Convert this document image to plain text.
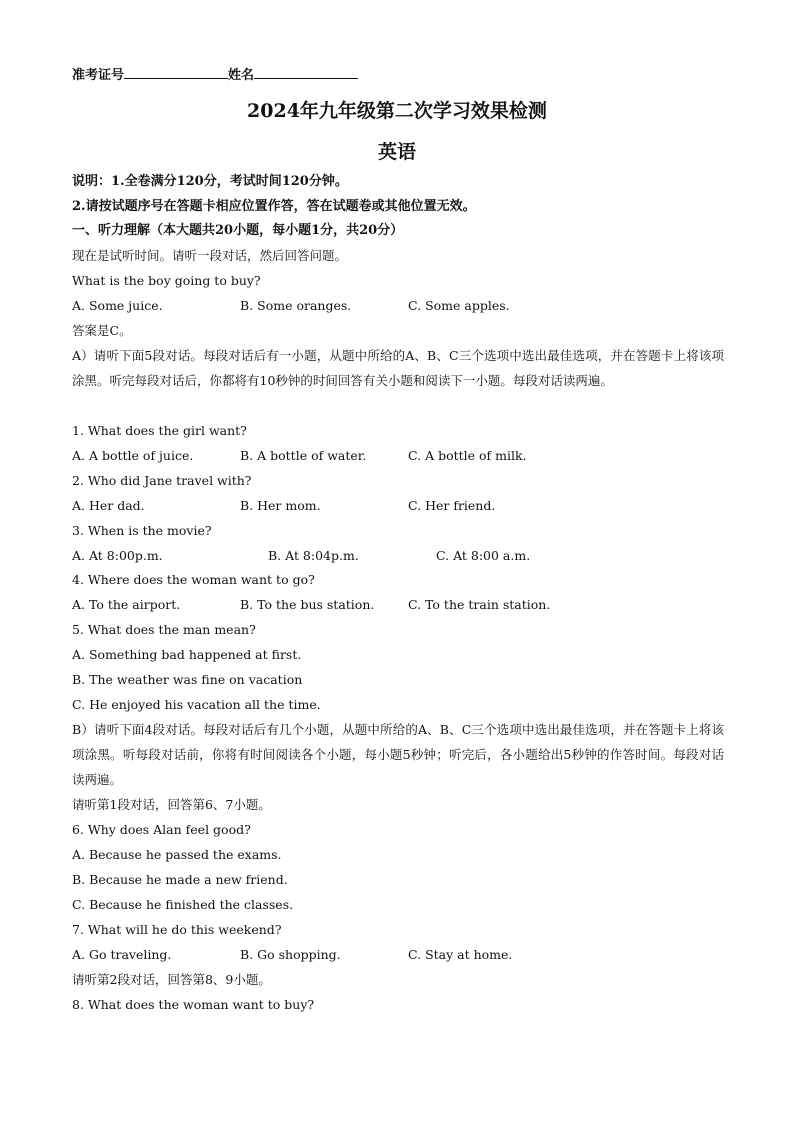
准考证号	姓名
2024年九年级第二次学习效果检测
英语
说明：1.全卷满分120分，考试时间120分钟。
2.请按试题序号在答题卡相应位置作答，答在试题卷或其他位置无效。
一、听力理解（本大题共20小题，每小题1分，共20分）
现在是试听时间。请听一段对话，然后回答问题。
What is the boy going to buy?
A. Some juice.	B. Some oranges.	C. Some apples.
答案是C。
A）请听下面5段对话。每段对话后有一小题，从题中所给的A、B、C三个选项中选出最佳选项，并在答题卡上将该项涂黑。听完每段对话后，你都将有10秒钟的时间回答有关小题和阅读下一小题。每段对话读两遍。
1. What does the girl want?
A. A bottle of juice.	B. A bottle of water.	C. A bottle of milk.
2. Who did Jane travel with?
A. Her dad.	B. Her mom.	C. Her friend.
3. When is the movie?
A. At 8:00p.m.	B. At 8:04p.m.	C. At 8:00 a.m.
4. Where does the woman want to go?
A. To the airport.	B. To the bus station.	C. To the train station.
5. What does the man mean?
A. Something bad happened at first.
B. The weather was fine on vacation
C. He enjoyed his vacation all the time.
B）请听下面4段对话。每段对话后有几个小题，从题中所给的A、B、C三个选项中选出最佳选项，并在答题卡上将该项涂黑。听每段对话前，你将有时间阅读各个小题，每小题5秒钟；听完后，各小题给出5秒钟的作答时间。每段对话读两遍。
请听第1段对话，回答第6、7小题。
6. Why does Alan feel good?
A. Because he passed the exams.
B. Because he made a new friend.
C. Because he finished the classes.
7. What will he do this weekend?
A. Go traveling.	B. Go shopping.	C. Stay at home.
请听第2段对话，回答第8、9小题。
8. What does the woman want to buy?
